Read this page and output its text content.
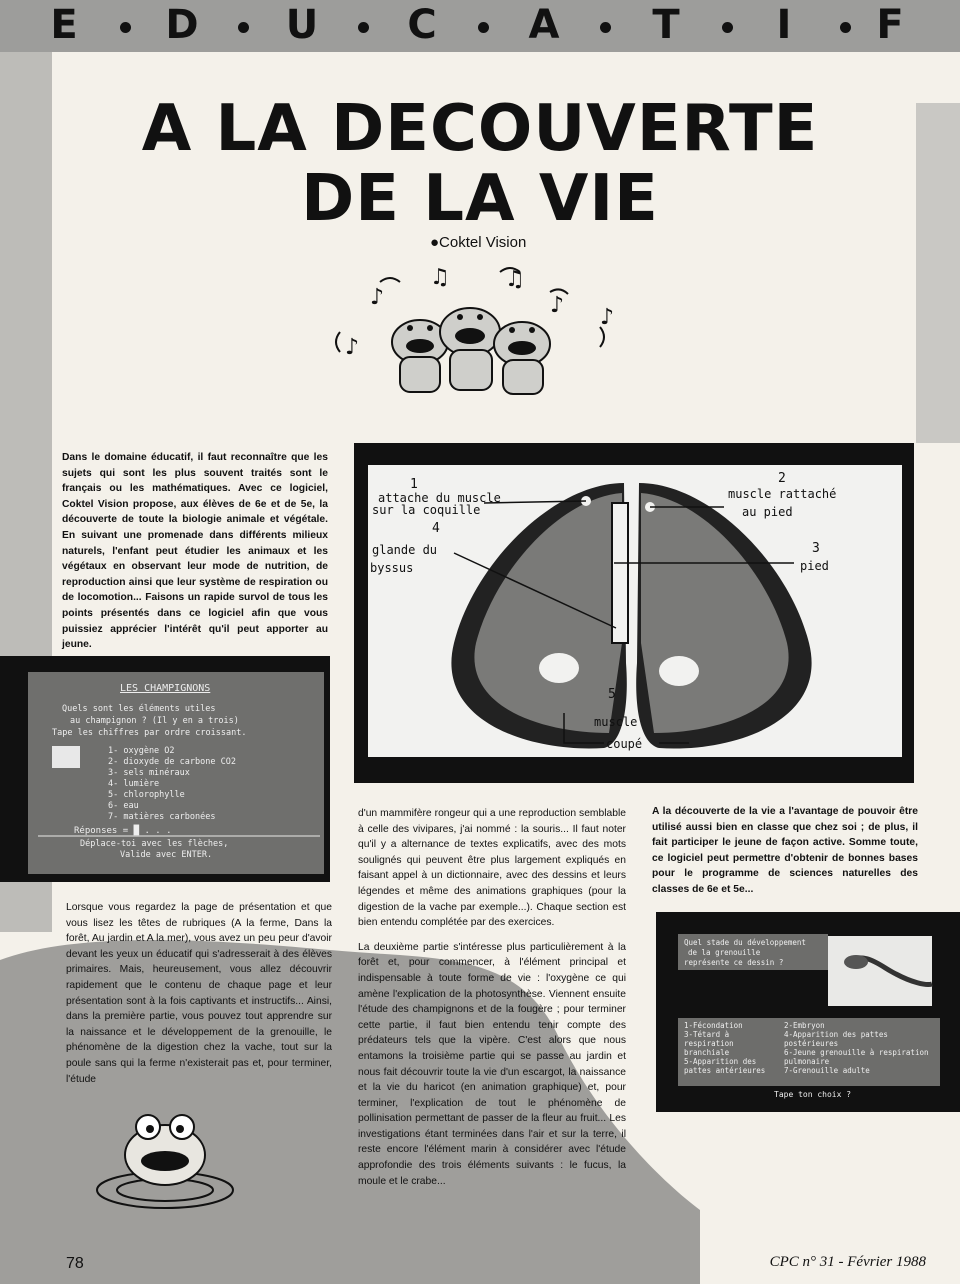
E D U C A T	I	F
A LA DECOUVERTE
DE LA VIE
●Coktel Vision
♪
♫	♫
♪ ♪
♪
Dans le domaine éducatif, il faut reconnaître que les sujets qui sont les plus souvent traités sont le français ou les mathématiques. Avec ce logiciel, Coktel Vision propose, aux élèves de 6e et de 5e, la découverte de toute la biologie animale et végétale. En suivant une promenade dans différents milieux naturels, l'enfant peut étudier les animaux et les végétaux en observant leur mode de nutrition, de reproduction ainsi que leur système de respiration ou de locomotion... Faisons un rapide survol de tous les points présentés dans ce logiciel afin que vous puissiez apprécier l'intérêt qu'il peut apporter au jeune.
LES CHAMPIGNONS
Quels sont les éléments utiles
au champignon ? (Il y en a trois)
Tape les chiffres par ordre croissant.
1- oxygène O2
2- dioxyde de carbone CO2
3- sels minéraux
4- lumière
5- chlorophylle
6- eau
7- matières carbonées
Réponses = █ . . .
Déplace-toi avec les flèches,
Valide avec ENTER.
1
attache du muscle
sur la coquille
2
muscle rattaché
au pied
3
pied
4
glande du
byssus
5
muscle
coupé
Lorsque vous regardez la page de présentation et que vous lisez les têtes de rubriques (A la ferme, Dans la forêt, Au jardin et A la mer), vous avez un peu peur d'avoir devant les yeux un éducatif qui s'adresserait à des élèves primaires. Mais, heureusement, vous allez découvrir rapidement que le contenu de chaque page et leur présentation sont à la fois captivants et instructifs... Ainsi, dans la première partie, vous pouvez tout apprendre sur la naissance et le développement de la grenouille, le phénomène de la digestion chez la vache, tout sur la poule sans qui la ferme n'existerait pas et, pour terminer, l'étude

d'un mammifère rongeur qui a une reproduction semblable à celle des vivipares, j'ai nommé : la souris... Il faut noter qu'il y a alternance de textes explicatifs, avec des mots soulignés qui peuvent être plus largement expliqués en faisant appel à un dictionnaire, avec des dessins et leurs légendes et même des animations graphiques (pour la digestion de la vache par exemple...). Chaque section est bien entendu complétée par des exercices.

La deuxième partie s'intéresse plus particulièrement à la forêt et, pour commencer, à l'élément principal et indispensable à toute forme de vie : l'oxygène ce qui amène l'explication de la photosynthèse. Viennent ensuite l'étude des champignons et de la fougère ; pour terminer cette partie, il faut bien entendu tenir compte des prédateurs tels que la vipère. C'est alors que nous entamons la troisième partie qui se passe au jardin et nous fait découvrir toute la vie d'un escargot, la naissance et la vie du haricot (en animation graphique) et, pour terminer, l'explication de tout le phénomène de pollinisation permettant de passer de la fleur au fruit... Les investigations étant terminées dans l'air et sur la terre, il reste encore l'élément marin à considérer avec l'étude approfondie des trois éléments suivants : le fucus, la moule et le crabe...

A la découverte de la vie a l'avantage de pouvoir être utilisé aussi bien en classe que chez soi ; de plus, il fait participer le jeune de façon active. Somme toute, ce logiciel peut permettre d'obtenir de bonnes bases pour le programme de sciences naturelles des classes de 6e et 5e...
Quel stade du développement
de la grenouille
représente ce dessin ?
1-Fécondation
3-Tétard à respiration branchiale
5-Apparition des pattes antérieures
2-Embryon
4-Apparition des pattes postérieures
6-Jeune grenouille à respiration pulmonaire
7-Grenouille adulte
Tape ton choix ?
78	CPC n° 31 - Février 1988
